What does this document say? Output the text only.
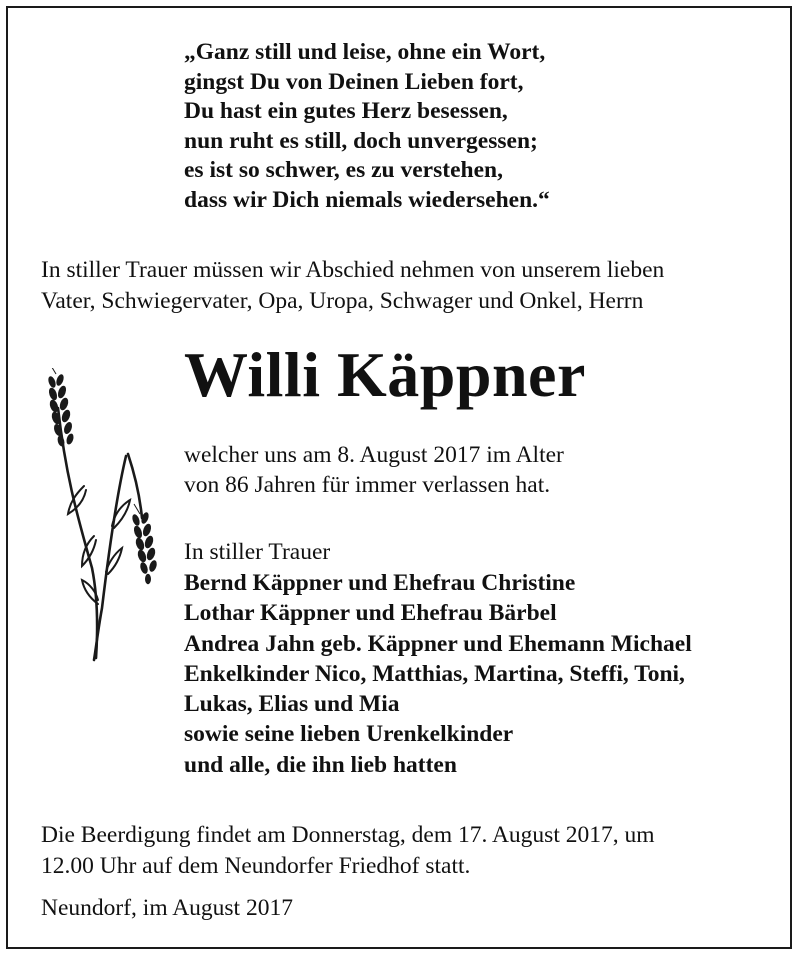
„Ganz still und leise, ohne ein Wort,
gingst Du von Deinen Lieben fort,
Du hast ein gutes Herz besessen,
nun ruht es still, doch unvergessen;
es ist so schwer, es zu verstehen,
dass wir Dich niemals wiedersehen.“
In stiller Trauer müssen wir Abschied nehmen von unserem lieben
Vater, Schwiegervater, Opa, Uropa, Schwager und Onkel, Herrn
Willi Käppner
welcher uns am 8. August 2017 im Alter
von 86 Jahren für immer verlassen hat.
In stiller Trauer
Bernd Käppner und Ehefrau Christine
Lothar Käppner und Ehefrau Bärbel
Andrea Jahn geb. Käppner und Ehemann Michael
Enkelkinder Nico, Matthias, Martina, Steffi, Toni,
Lukas, Elias und Mia
sowie seine lieben Urenkelkinder
und alle, die ihn lieb hatten
Die Beerdigung findet am Donnerstag, dem 17. August 2017, um
12.00 Uhr auf dem Neundorfer Friedhof statt.
Neundorf, im August 2017
